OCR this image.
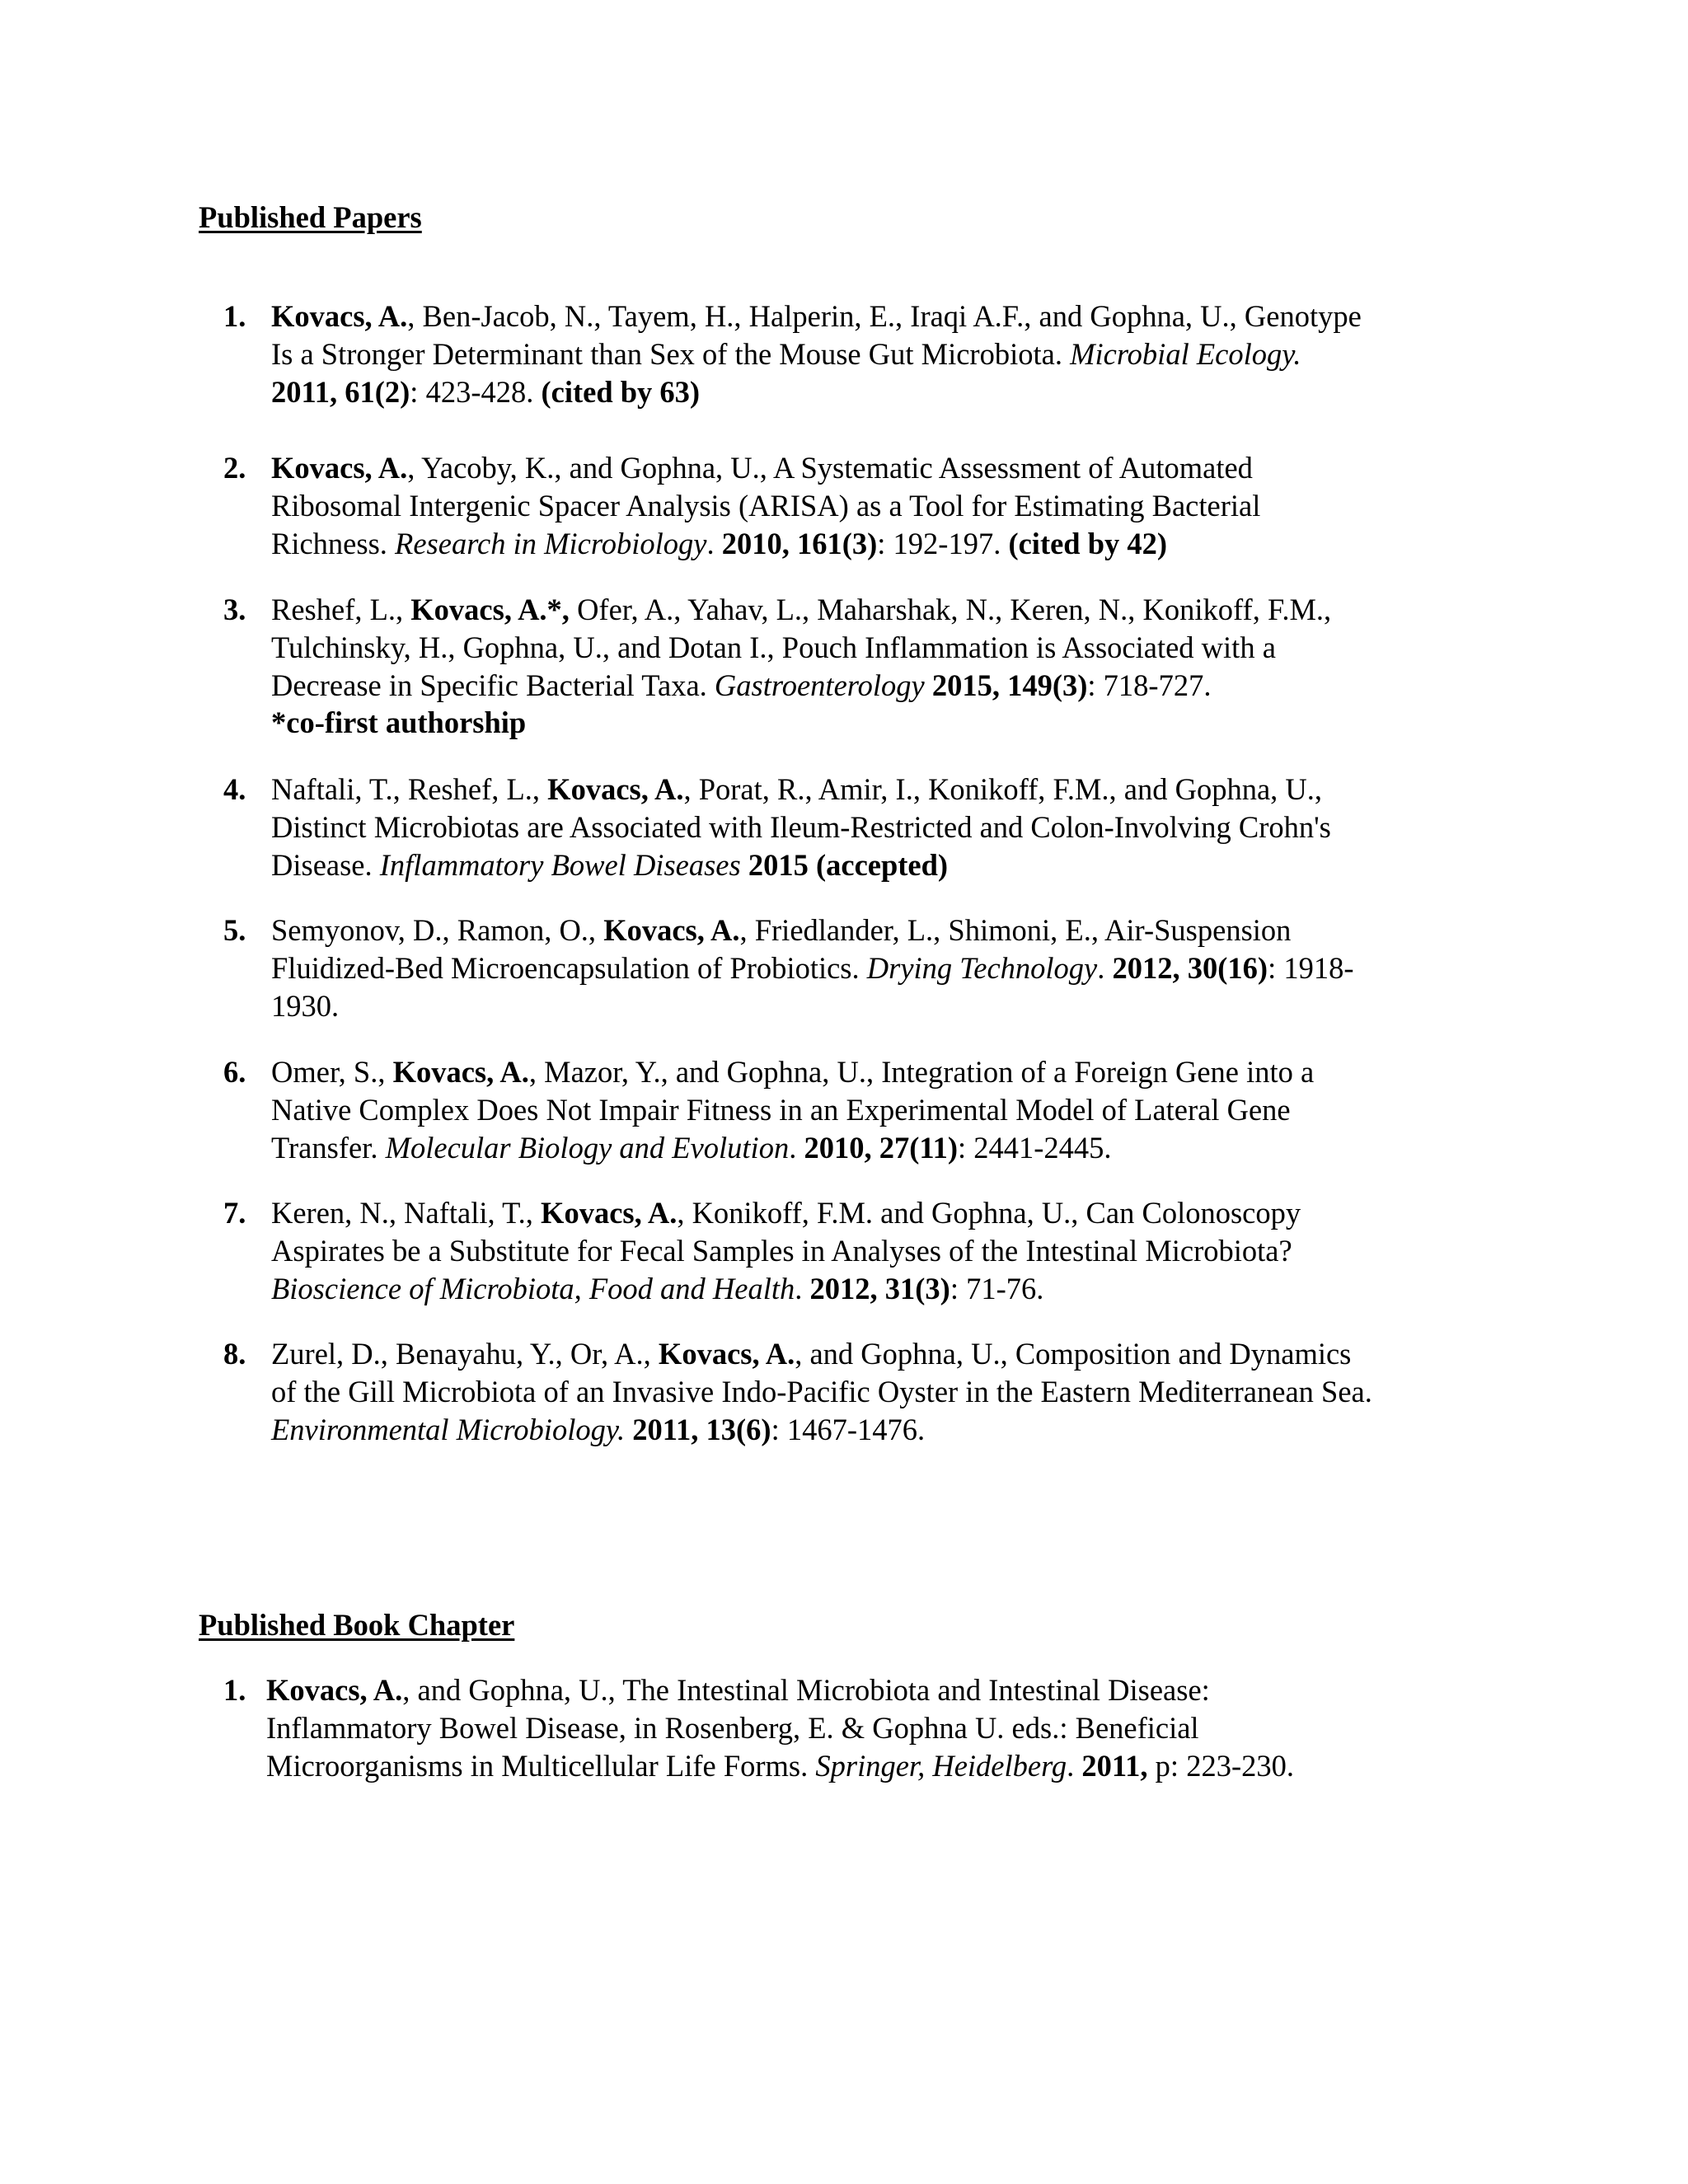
Published Papers
1. Kovacs, A., Ben-Jacob, N., Tayem, H., Halperin, E., Iraqi A.F., and Gophna, U., Genotype
Is a Stronger Determinant than Sex of the Mouse Gut Microbiota. Microbial Ecology.
2011, 61(2): 423-428. (cited by 63)
2. Kovacs, A., Yacoby, K., and Gophna, U., A Systematic Assessment of Automated
Ribosomal Intergenic Spacer Analysis (ARISA) as a Tool for Estimating Bacterial
Richness. Research in Microbiology. 2010, 161(3): 192-197. (cited by 42)
3. Reshef, L., Kovacs, A.*, Ofer, A., Yahav, L., Maharshak, N., Keren, N., Konikoff, F.M.,
Tulchinsky, H., Gophna, U., and Dotan I., Pouch Inflammation is Associated with a
Decrease in Specific Bacterial Taxa. Gastroenterology 2015, 149(3): 718-727.
*co-first authorship
4. Naftali, T., Reshef, L., Kovacs, A., Porat, R., Amir, I., Konikoff, F.M., and Gophna, U.,
Distinct Microbiotas are Associated with Ileum-Restricted and Colon-Involving Crohn's
Disease. Inflammatory Bowel Diseases 2015 (accepted)
5. Semyonov, D., Ramon, O., Kovacs, A., Friedlander, L., Shimoni, E., Air-Suspension
Fluidized-Bed Microencapsulation of Probiotics. Drying Technology. 2012, 30(16): 1918-
1930.
6. Omer, S., Kovacs, A., Mazor, Y., and Gophna, U., Integration of a Foreign Gene into a
Native Complex Does Not Impair Fitness in an Experimental Model of Lateral Gene
Transfer. Molecular Biology and Evolution. 2010, 27(11): 2441-2445.
7. Keren, N., Naftali, T., Kovacs, A., Konikoff, F.M. and Gophna, U., Can Colonoscopy
Aspirates be a Substitute for Fecal Samples in Analyses of the Intestinal Microbiota?
Bioscience of Microbiota, Food and Health. 2012, 31(3): 71-76.
8. Zurel, D., Benayahu, Y., Or, A., Kovacs, A., and Gophna, U., Composition and Dynamics
of the Gill Microbiota of an Invasive Indo-Pacific Oyster in the Eastern Mediterranean Sea.
Environmental Microbiology. 2011, 13(6): 1467-1476.
Published Book Chapter
1. Kovacs, A., and Gophna, U., The Intestinal Microbiota and Intestinal Disease:
Inflammatory Bowel Disease, in Rosenberg, E. & Gophna U. eds.: Beneficial
Microorganisms in Multicellular Life Forms. Springer, Heidelberg. 2011, p: 223-230.
